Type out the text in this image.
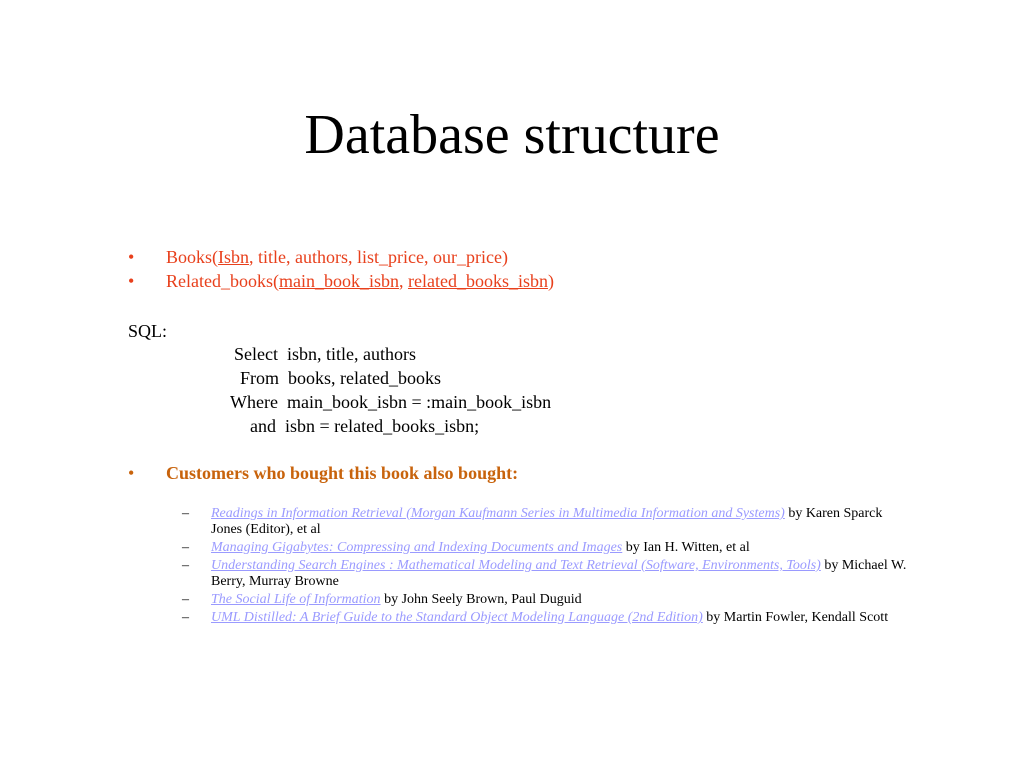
Database structure
• Books(Isbn, title, authors, list_price, our_price)
• Related_books(main_book_isbn, related_books_isbn)
SQL:
Select  isbn, title, authors
From  books, related_books
Where  main_book_isbn = :main_book_isbn
and  isbn = related_books_isbn;
• Customers who bought this book also bought:
– Readings in Information Retrieval (Morgan Kaufmann Series in Multimedia Information and Systems) by Karen Sparck Jones (Editor), et al
– Managing Gigabytes: Compressing and Indexing Documents and Images by Ian H. Witten, et al
– Understanding Search Engines : Mathematical Modeling and Text Retrieval (Software, Environments, Tools) by Michael W. Berry, Murray Browne
– The Social Life of Information by John Seely Brown, Paul Duguid
– UML Distilled: A Brief Guide to the Standard Object Modeling Language (2nd Edition) by Martin Fowler, Kendall Scott
